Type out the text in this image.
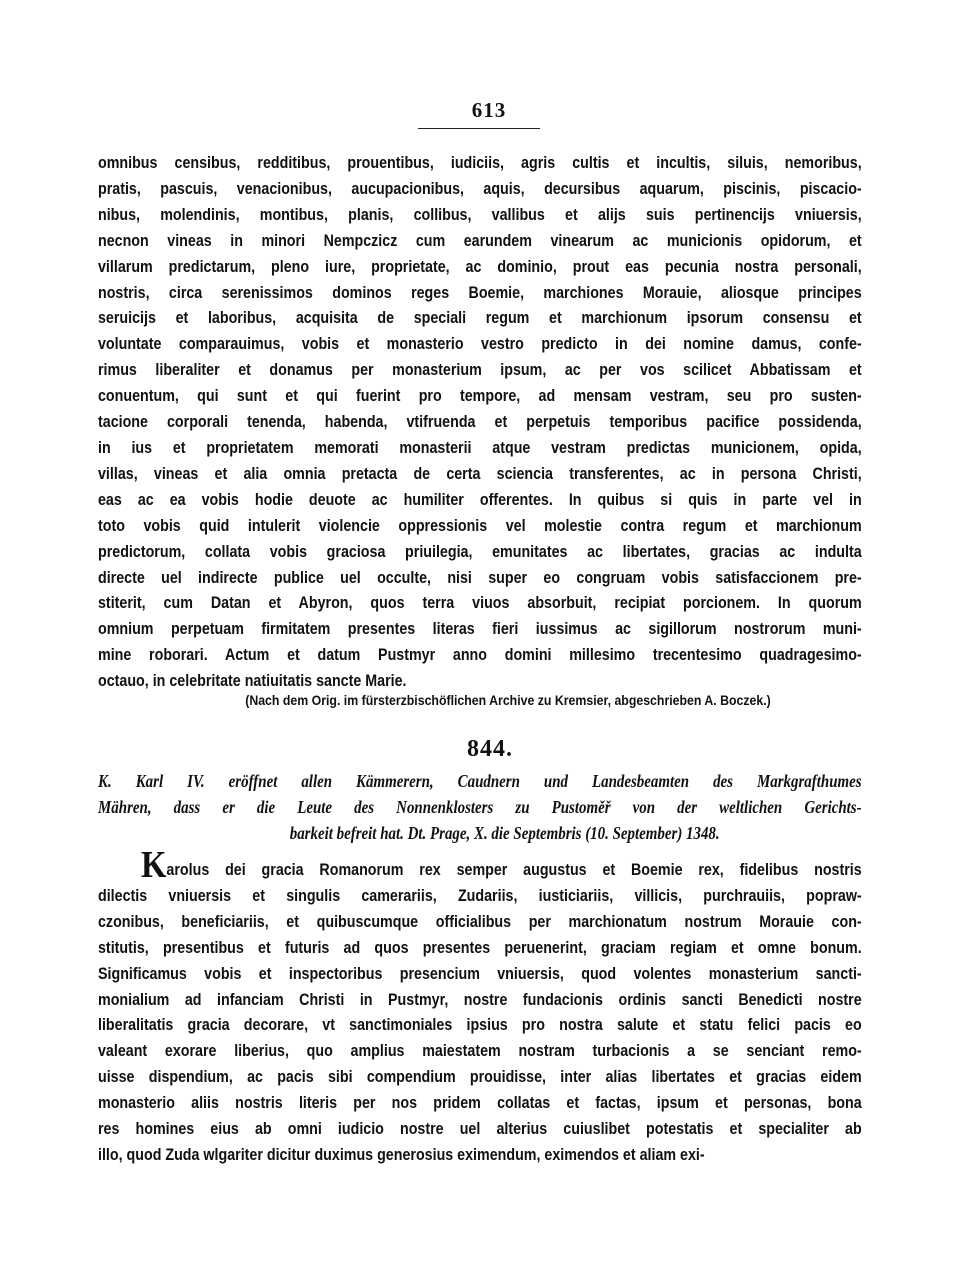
613
omnibus censibus, redditibus, prouentibus, iudiciis, agris cultis et incultis, siluis, nemoribus,
pratis, pascuis, venacionibus, aucupacionibus, aquis, decursibus aquarum, piscinis, piscacio-
nibus, molendinis, montibus, planis, collibus, vallibus et alijs suis pertinencijs vniuersis,
necnon vineas in minori Nempczicz cum earundem vinearum ac municionis opidorum, et
villarum predictarum, pleno iure, proprietate, ac dominio, prout eas pecunia nostra personali,
nostris, circa serenissimos dominos reges Boemie, marchiones Morauie, aliosque principes
seruicijs et laboribus, acquisita de speciali regum et marchionum ipsorum consensu et
voluntate comparauimus, vobis et monasterio vestro predicto in dei nomine damus, confe-
rimus liberaliter et donamus per monasterium ipsum, ac per vos scilicet Abbatissam et
conuentum, qui sunt et qui fuerint pro tempore, ad mensam vestram, seu pro susten-
tacione corporali tenenda, habenda, vtifruenda et perpetuis temporibus pacifice possidenda,
in ius et proprietatem memorati monasterii atque vestram predictas municionem, opida,
villas, vineas et alia omnia pretacta de certa sciencia transferentes, ac in persona Christi,
eas ac ea vobis hodie deuote ac humiliter offerentes. In quibus si quis in parte vel in
toto vobis quid intulerit violencie oppressionis vel molestie contra regum et marchionum
predictorum, collata vobis graciosa priuilegia, emunitates ac libertates, gracias ac indulta
directe uel indirecte publice uel occulte, nisi super eo congruam vobis satisfaccionem pre-
stiterit, cum Datan et Abyron, quos terra viuos absorbuit, recipiat porcionem. In quorum
omnium perpetuam firmitatem presentes literas fieri iussimus ac sigillorum nostrorum muni-
mine roborari. Actum et datum Pustmyr anno domini millesimo trecentesimo quadragesimo-
octauo, in celebritate natiuitatis sancte Marie.
(Nach dem Orig. im fürsterzbischöflichen Archive zu Kremsier, abgeschrieben A. Boczek.)
844.
K. Karl IV. eröffnet allen Kämmerern, Caudnern und Landesbeamten des Markgrafthumes
Mähren, dass er die Leute des Nonnenklosters zu Pustoměř von der weltlichen Gerichts-
barkeit befreit hat. Dt. Prage, X. die Septembris (10. September) 1348.
Karolus dei gracia Romanorum rex semper augustus et Boemie rex, fidelibus nostris
dilectis vniuersis et singulis camerariis, Zudariis, iusticiariis, villicis, purchrauiis, popraw-
czonibus, beneficiariis, et quibuscumque officialibus per marchionatum nostrum Morauie con-
stitutis, presentibus et futuris ad quos presentes peruenerint, graciam regiam et omne bonum.
Significamus vobis et inspectoribus presencium vniuersis, quod volentes monasterium sancti-
monialium ad infanciam Christi in Pustmyr, nostre fundacionis ordinis sancti Benedicti nostre
liberalitatis gracia decorare, vt sanctimoniales ipsius pro nostra salute et statu felici pacis eo
valeant exorare liberius, quo amplius maiestatem nostram turbacionis a se senciant remo-
uisse dispendium, ac pacis sibi compendium prouidisse, inter alias libertates et gracias eidem
monasterio aliis nostris literis per nos pridem collatas et factas, ipsum et personas, bona
res homines eius ab omni iudicio nostre uel alterius cuiuslibet potestatis et specialiter ab
illo, quod Zuda wlgariter dicitur duximus generosius eximendum, eximendos et aliam exi-
